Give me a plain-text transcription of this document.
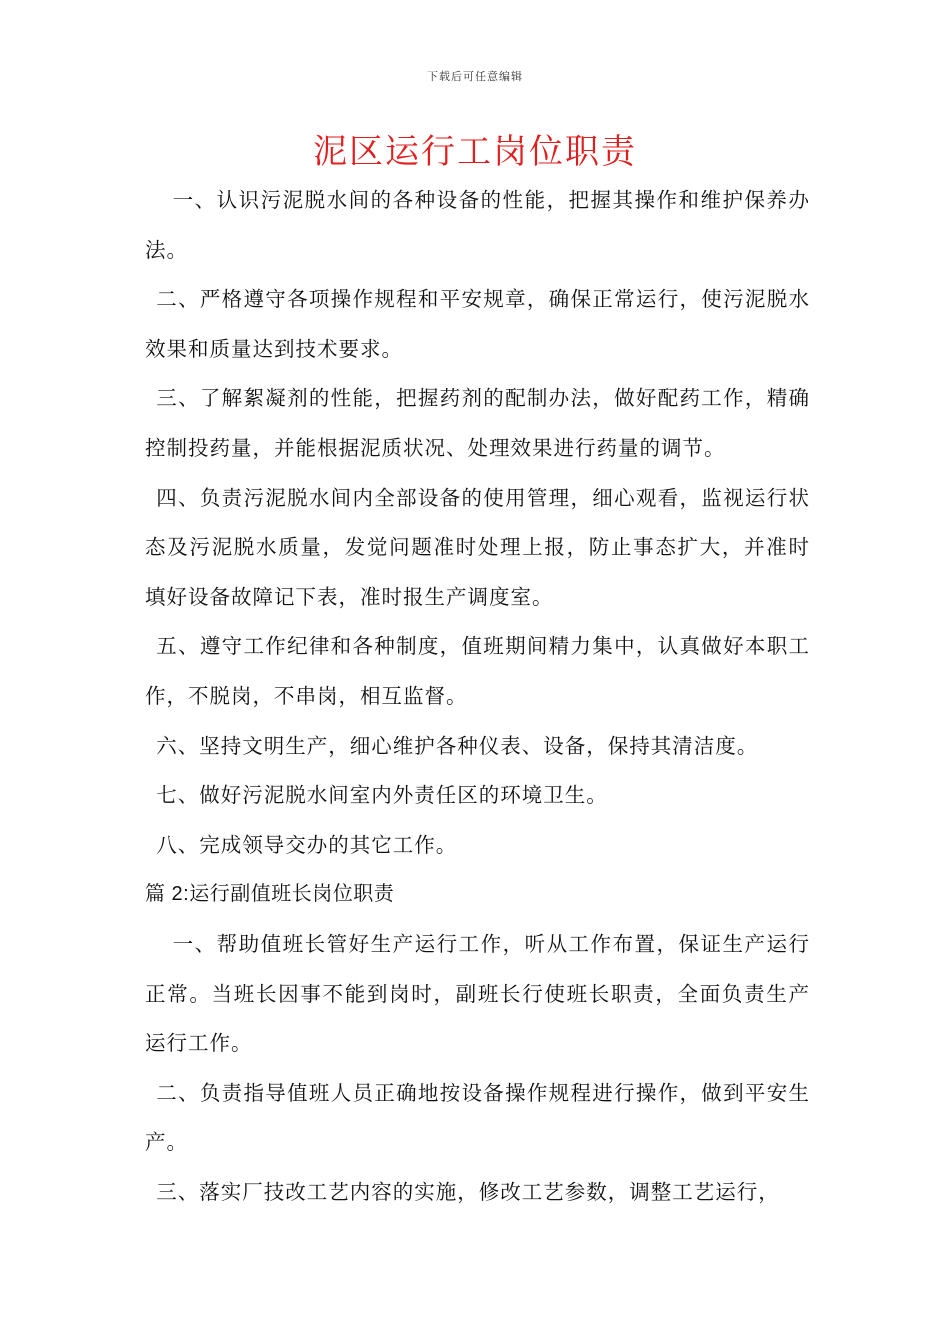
下载后可任意编辑
泥区运行工岗位职责

一、认识污泥脱水间的各种设备的性能，把握其操作和维护保养办法。

二、严格遵守各项操作规程和平安规章，确保正常运行，使污泥脱水效果和质量达到技术要求。

三、了解絮凝剂的性能，把握药剂的配制办法，做好配药工作，精确控制投药量，并能根据泥质状况、处理效果进行药量的调节。

四、负责污泥脱水间内全部设备的使用管理，细心观看，监视运行状态及污泥脱水质量，发觉问题准时处理上报，防止事态扩大，并准时填好设备故障记下表，准时报生产调度室。

五、遵守工作纪律和各种制度，值班期间精力集中，认真做好本职工作，不脱岗，不串岗，相互监督。

六、坚持文明生产，细心维护各种仪表、设备，保持其清洁度。

七、做好污泥脱水间室内外责任区的环境卫生。

八、完成领导交办的其它工作。

篇 2:运行副值班长岗位职责

一、帮助值班长管好生产运行工作，听从工作布置，保证生产运行正常。当班长因事不能到岗时，副班长行使班长职责，全面负责生产运行工作。

二、负责指导值班人员正确地按设备操作规程进行操作，做到平安生产。

三、落实厂技改工艺内容的实施，修改工艺参数，调整工艺运行，
